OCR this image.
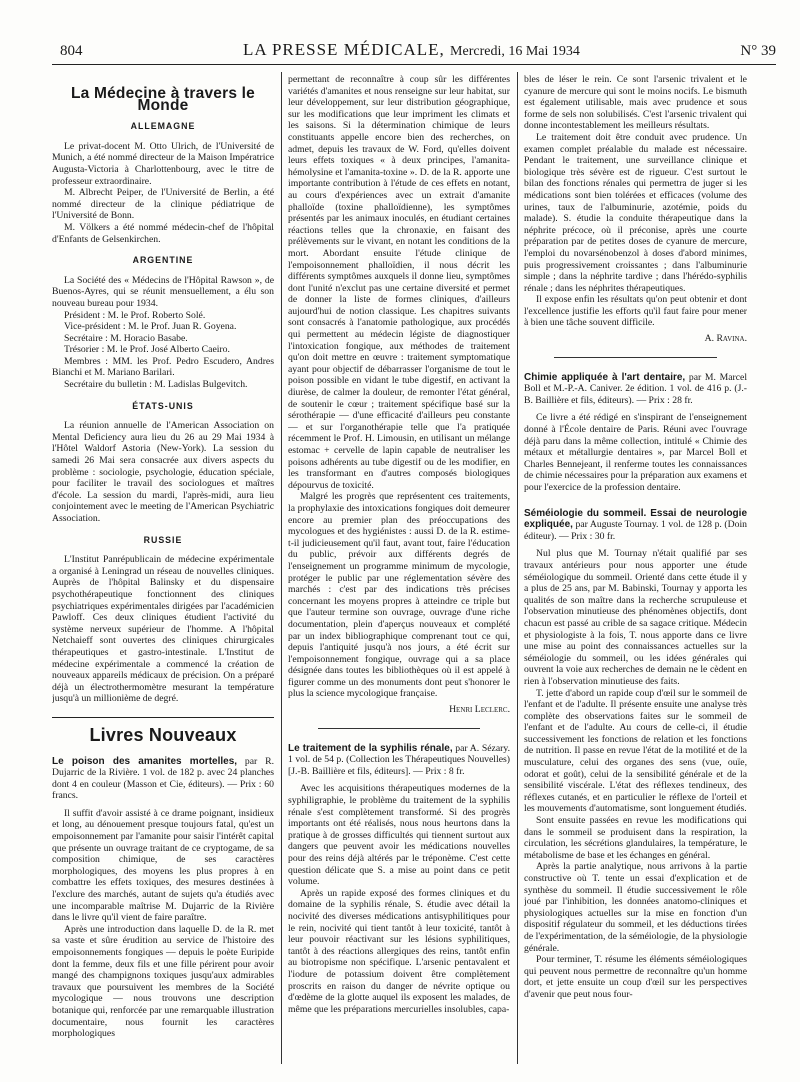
804	LA PRESSE MÉDICALE, Mercredi, 16 Mai 1934	N° 39
La Médecine à travers le Monde
ALLEMAGNE

Le privat-docent M. Otto Ulrich, de l'Université de Munich, a été nommé directeur de la Maison Impératrice Augusta-Victoria à Charlottenbourg, avec le titre de professeur extraordinaire.

M. Albrecht Peiper, de l'Université de Berlin, a été nommé directeur de la clinique pédiatrique de l'Université de Bonn.

M. Völkers a été nommé médecin-chef de l'hôpital d'Enfants de Gelsenkirchen.

ARGENTINE

La Société des « Médecins de l'Hôpital Rawson », de Buenos-Ayres, qui se réunit mensuellement, a élu son nouveau bureau pour 1934.

Président : M. le Prof. Roberto Solé.

Vice-président : M. le Prof. Juan R. Goyena.

Secrétaire : M. Horacio Basabe.

Trésorier : M. le Prof. José Alberto Caeiro.

Membres : MM. les Prof. Pedro Escudero, Andres Bianchi et M. Mariano Barilari.

Secrétaire du bulletin : M. Ladislas Bulgevitch.

ÉTATS-UNIS

La réunion annuelle de l'American Association on Mental Deficiency aura lieu du 26 au 29 Mai 1934 à l'Hôtel Waldorf Astoria (New-York). La session du samedi 26 Mai sera consacrée aux divers aspects du problème : sociologie, psychologie, éducation spéciale, pour faciliter le travail des sociologues et maîtres d'école. La session du mardi, l'après-midi, aura lieu conjointement avec le meeting de l'American Psychiatric Association.

RUSSIE

L'Institut Panrépublicain de médecine expérimentale a organisé à Leningrad un réseau de nouvelles cliniques. Auprès de l'hôpital Balinsky et du dispensaire psychothérapeutique fonctionnent des cliniques psychiatriques expérimentales dirigées par l'académicien Pawloff. Ces deux cliniques étudient l'activité du système nerveux supérieur de l'homme. A l'hôpital Netchaieff sont ouvertes des cliniques chirurgicales thérapeutiques et gastro-intestinale. L'Institut de médecine expérimentale a commencé la création de nouveaux appareils médicaux de précision. On a préparé déjà un électrothermomètre mesurant la température jusqu'à un millionième de degré.

Livres Nouveaux

Le poison des amanites mortelles, par R. Dujarric de la Rivière. 1 vol. de 182 p. avec 24 planches dont 4 en couleur (Masson et Cie, éditeurs). — Prix : 60 francs.

Il suffit d'avoir assisté à ce drame poignant, insidieux et long, au dénouement presque toujours fatal, qu'est un empoisonnement par l'amanite pour saisir l'intérêt capital que présente un ouvrage traitant de ce cryptogame, de sa composition chimique, de ses caractères morphologiques, des moyens les plus propres à en combattre les effets toxiques, des mesures destinées à l'exclure des marchés, autant de sujets qu'a étudiés avec une incomparable maîtrise M. Dujarric de la Rivière dans le livre qu'il vient de faire paraître.

Après une introduction dans laquelle D. de la R. met sa vaste et sûre érudition au service de l'histoire des empoisonnements fongiques — depuis le poète Euripide dont la femme, deux fils et une fille périrent pour avoir mangé des champignons toxiques jusqu'aux admirables travaux que poursuivent les membres de la Société mycologique — nous trouvons une description botanique qui, renforcée par une remarquable illustration documentaire, nous fournit les caractères morphologiques

permettant de reconnaître à coup sûr les différentes variétés d'amanites et nous renseigne sur leur habitat, sur leur développement, sur leur distribution géographique, sur les modifications que leur impriment les climats et les saisons. Si la détermination chimique de leurs constituants appelle encore bien des recherches, on admet, depuis les travaux de W. Ford, qu'elles doivent leurs effets toxiques « à deux principes, l'amanita-hémolysine et l'amanita-toxine ». D. de la R. apporte une importante contribution à l'étude de ces effets en notant, au cours d'expériences avec un extrait d'amanite phalloïde (toxine phalloïdienne), les symptômes présentés par les animaux inoculés, en étudiant certaines réactions telles que la chronaxie, en faisant des prélèvements sur le vivant, en notant les conditions de la mort. Abordant ensuite l'étude clinique de l'empoisonnement phalloïdien, il nous décrit les différents symptômes auxquels il donne lieu, symptômes dont l'unité n'exclut pas une certaine diversité et permet de donner la liste de formes cliniques, d'ailleurs aujourd'hui de notion classique. Les chapitres suivants sont consacrés à l'anatomie pathologique, aux procédés qui permettent au médecin légiste de diagnostiquer l'intoxication fongique, aux méthodes de traitement qu'on doit mettre en œuvre : traitement symptomatique ayant pour objectif de débarrasser l'organisme de tout le poison possible en vidant le tube digestif, en activant la diurèse, de calmer la douleur, de remonter l'état général, de soutenir le cœur ; traitement spécifique basé sur la sérothérapie — d'une efficacité d'ailleurs peu constante — et sur l'organothérapie telle que l'a pratiquée récemment le Prof. H. Limousin, en utilisant un mélange estomac + cervelle de lapin capable de neutraliser les poisons adhérents au tube digestif ou de les modifier, en les transformant en d'autres composés biologiques dépourvus de toxicité.

Malgré les progrès que représentent ces traitements, la prophylaxie des intoxications fongiques doit demeurer encore au premier plan des préoccupations des mycologues et des hygiénistes : aussi D. de la R. estime-t-il judicieusement qu'il faut, avant tout, faire l'éducation du public, prévoir aux différents degrés de l'enseignement un programme minimum de mycologie, protéger le public par une réglementation sévère des marchés : c'est par des indications très précises concernant les moyens propres à atteindre ce triple but que l'auteur termine son ouvrage, ouvrage d'une riche documentation, plein d'aperçus nouveaux et complété par un index bibliographique comprenant tout ce qui, depuis l'antiquité jusqu'à nos jours, a été écrit sur l'empoisonnement fongique, ouvrage qui a sa place désignée dans toutes les bibliothèques où il est appelé à figurer comme un des monuments dont peut s'honorer le plus la science mycologique française.

Henri Leclerc.

Le traitement de la syphilis rénale, par A. Sézary. 1 vol. de 54 p. (Collection les Thérapeutiques Nouvelles) [J.-B. Baillière et fils, éditeurs]. — Prix : 8 fr.

Avec les acquisitions thérapeutiques modernes de la syphiligraphie, le problème du traitement de la syphilis rénale s'est complètement transformé. Si des progrès importants ont été réalisés, nous nous heurtons dans la pratique à de grosses difficultés qui tiennent surtout aux dangers que peuvent avoir les médications nouvelles pour des reins déjà altérés par le tréponème. C'est cette question délicate que S. a mise au point dans ce petit volume.

Après un rapide exposé des formes cliniques et du domaine de la syphilis rénale, S. étudie avec détail la nocivité des diverses médications antisyphilitiques pour le rein, nocivité qui tient tantôt à leur toxicité, tantôt à leur pouvoir réactivant sur les lésions syphilitiques, tantôt à des réactions allergiques des reins, tantôt enfin au biotropisme non spécifique. L'arsenic pentavalent et l'iodure de potassium doivent être complètement proscrits en raison du danger de névrite optique ou d'œdème de la glotte auquel ils exposent les malades, de même que les préparations mercurielles insolubles, capa-

bles de léser le rein. Ce sont l'arsenic trivalent et le cyanure de mercure qui sont le moins nocifs. Le bismuth est également utilisable, mais avec prudence et sous forme de sels non solubilisés. C'est l'arsenic trivalent qui donne incontestablement les meilleurs résultats.

Le traitement doit être conduit avec prudence. Un examen complet préalable du malade est nécessaire. Pendant le traitement, une surveillance clinique et biologique très sévère est de rigueur. C'est surtout le bilan des fonctions rénales qui permettra de juger si les médications sont bien tolérées et efficaces (volume des urines, taux de l'albuminurie, azotémie, poids du malade). S. étudie la conduite thérapeutique dans la néphrite précoce, où il préconise, après une courte préparation par de petites doses de cyanure de mercure, l'emploi du novarsénobenzol à doses d'abord minimes, puis progressivement croissantes ; dans l'albuminurie simple ; dans la néphrite tardive ; dans l'hérédo-syphilis rénale ; dans les néphrites thérapeutiques.

Il expose enfin les résultats qu'on peut obtenir et dont l'excellence justifie les efforts qu'il faut faire pour mener à bien une tâche souvent difficile.

A. Ravina.

Chimie appliquée à l'art dentaire, par M. Marcel Boll et M.-P.-A. Caniver. 2e édition. 1 vol. de 416 p. (J.-B. Baillière et fils, éditeurs). — Prix : 28 fr.

Ce livre a été rédigé en s'inspirant de l'enseignement donné à l'École dentaire de Paris. Réuni avec l'ouvrage déjà paru dans la même collection, intitulé « Chimie des métaux et métallurgie dentaires », par Marcel Boll et Charles Bennejeant, il renferme toutes les connaissances de chimie nécessaires pour la préparation aux examens et pour l'exercice de la profession dentaire.

Séméiologie du sommeil. Essai de neurologie expliquée, par Auguste Tournay. 1 vol. de 128 p. (Doin éditeur). — Prix : 30 fr.

Nul plus que M. Tournay n'était qualifié par ses travaux antérieurs pour nous apporter une étude séméiologique du sommeil. Orienté dans cette étude il y a plus de 25 ans, par M. Babinski, Tournay y apporta les qualités de son maître dans la recherche scrupuleuse et l'observation minutieuse des phénomènes objectifs, dont chacun est passé au crible de sa sagace critique. Médecin et physiologiste à la fois, T. nous apporte dans ce livre une mise au point des connaissances actuelles sur la séméiologie du sommeil, ou les idées générales qui ouvrent la voie aux recherches de demain ne le cèdent en rien à l'observation minutieuse des faits.

T. jette d'abord un rapide coup d'œil sur le sommeil de l'enfant et de l'adulte. Il présente ensuite une analyse très complète des observations faites sur le sommeil de l'enfant et de l'adulte. Au cours de celle-ci, il étudie successivement les fonctions de relation et les fonctions de nutrition. Il passe en revue l'état de la motilité et de la musculature, celui des organes des sens (vue, ouïe, odorat et goût), celui de la sensibilité générale et de la sensibilité viscérale. L'état des réflexes tendineux, des réflexes cutanés, et en particulier le réflexe de l'orteil et les mouvements d'automatisme, sont longuement étudiés.

Sont ensuite passées en revue les modifications qui dans le sommeil se produisent dans la respiration, la circulation, les sécrétions glandulaires, la température, le métabolisme de base et les échanges en général.

Après la partie analytique, nous arrivons à la partie constructive où T. tente un essai d'explication et de synthèse du sommeil. Il étudie successivement le rôle joué par l'inhibition, les données anatomo-cliniques et physiologiques actuelles sur la mise en fonction d'un dispositif régulateur du sommeil, et les déductions tirées de l'expérimentation, de la séméiologie, de la physiologie générale.

Pour terminer, T. résume les éléments séméiologiques qui peuvent nous permettre de reconnaître qu'un homme dort, et jette ensuite un coup d'œil sur les perspectives d'avenir que peut nous four-
